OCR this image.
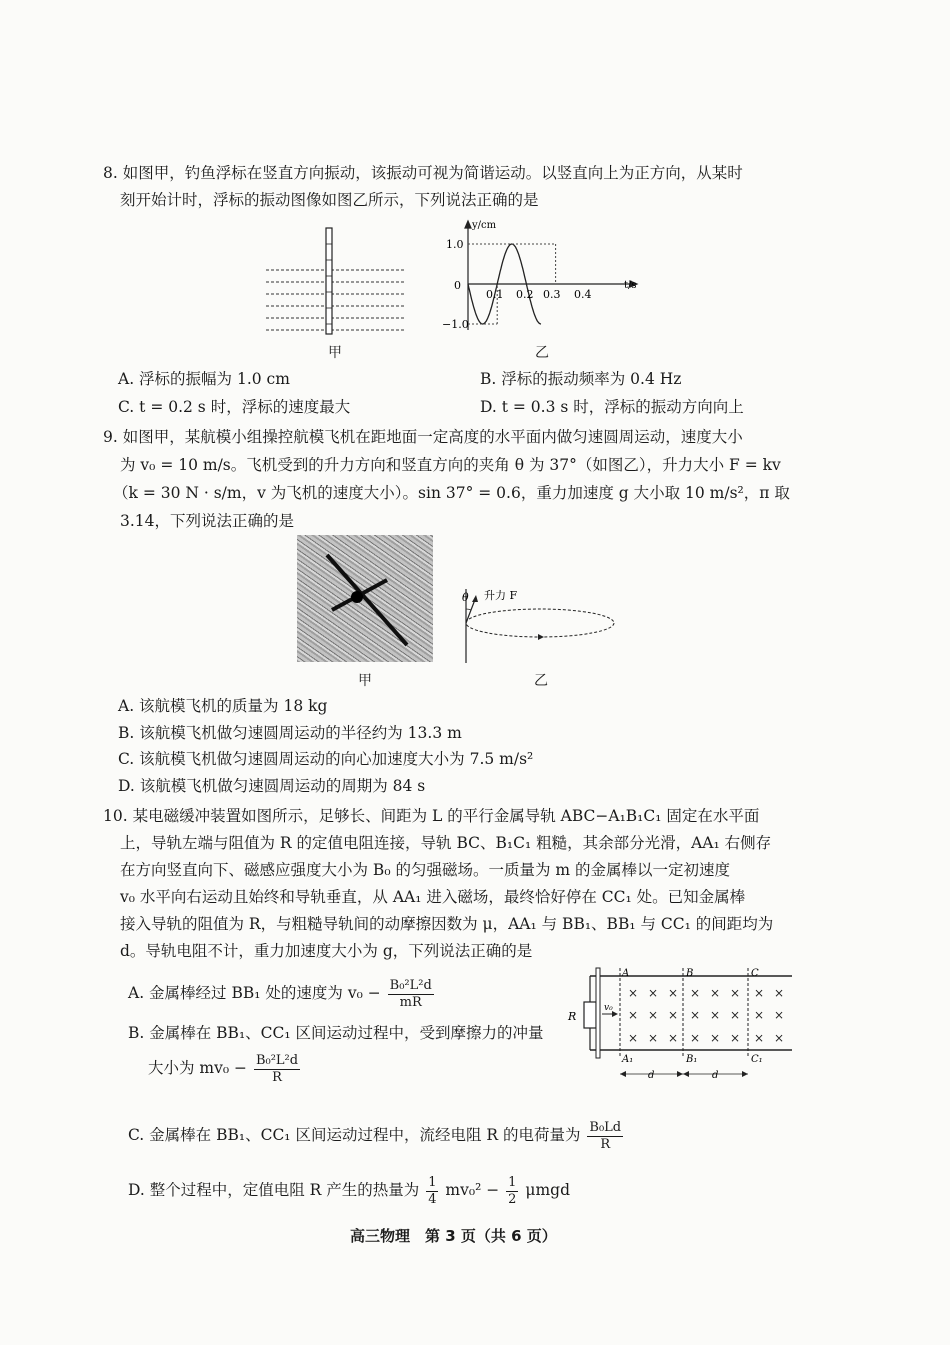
8. 如图甲，钓鱼浮标在竖直方向振动，该振动可视为简谐运动。以竖直向上为正方向，从某时
刻开始计时，浮标的振动图像如图乙所示，下列说法正确的是
甲
y/cm
t/s
1.0
0
−1.0
0.1 0.2 0.3 0.4
乙
A. 浮标的振幅为 1.0 cm	B. 浮标的振动频率为 0.4 Hz
C. t = 0.2 s 时，浮标的速度最大	D. t = 0.3 s 时，浮标的振动方向向上
9. 如图甲，某航模小组操控航模飞机在距地面一定高度的水平面内做匀速圆周运动，速度大小
为 v₀ = 10 m/s。飞机受到的升力方向和竖直方向的夹角 θ 为 37°（如图乙），升力大小 F = kv
（k = 30 N · s/m，v 为飞机的速度大小）。sin 37° = 0.6，重力加速度 g 大小取 10 m/s²，π 取
3.14，下列说法正确的是
甲
θ 升力 F
乙
A. 该航模飞机的质量为 18 kg
B. 该航模飞机做匀速圆周运动的半径约为 13.3 m
C. 该航模飞机做匀速圆周运动的向心加速度大小为 7.5 m/s²
D. 该航模飞机做匀速圆周运动的周期为 84 s
10. 某电磁缓冲装置如图所示，足够长、间距为 L 的平行金属导轨 ABC−A₁B₁C₁ 固定在水平面
上，导轨左端与阻值为 R 的定值电阻连接，导轨 BC、B₁C₁ 粗糙，其余部分光滑，AA₁ 右侧存
在方向竖直向下、磁感应强度大小为 B₀ 的匀强磁场。一质量为 m 的金属棒以一定初速度
v₀ 水平向右运动且始终和导轨垂直，从 AA₁ 进入磁场，最终恰好停在 CC₁ 处。已知金属棒
接入导轨的阻值为 R，与粗糙导轨间的动摩擦因数为 μ，AA₁ 与 BB₁、BB₁ 与 CC₁ 的间距均为
d。导轨电阻不计，重力加速度大小为 g，下列说法正确的是
A. 金属棒经过 BB₁ 处的速度为 $v_0 - \frac{\text{B₀²L²d}}{mR}$
B. 金属棒在 BB₁、CC₁ 区间运动过程中，受到摩擦力的冲量
大小为 $mv_0 - \frac{\text{B₀²L²d}}{R}$
C. 金属棒在 BB₁、CC₁ 区间运动过程中，流经电阻 R 的电荷量为 $\frac{\text{B₀Ld}}{R}$
D. 整个过程中，定值电阻 R 产生的热量为 $\frac{1}{4} mv_0^2 - \frac{1}{2}$ μmgd
× × × × × × × ×
× × × × × × × ×
× × × × × × × ×
A	B	C
A₁	B₁	C₁
R
v₀
d	d
高三物理　第 3 页（共 6 页）
